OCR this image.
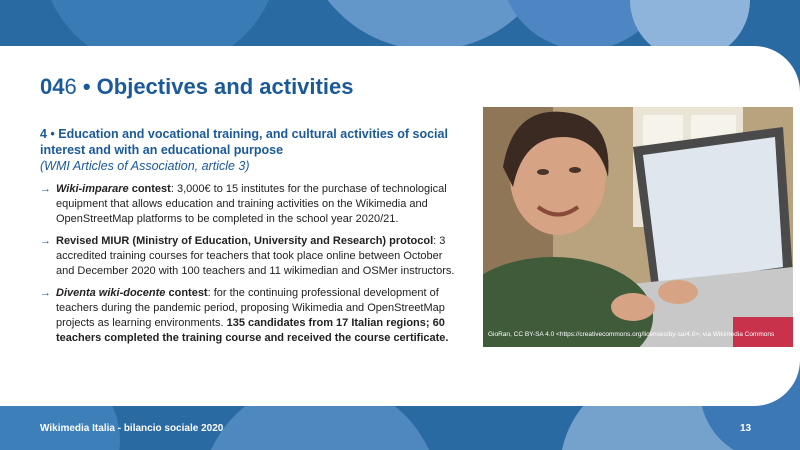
046 • Objectives and activities

4 • Education and vocational training, and cultural activities of social interest and with an educational purpose

(WMI Articles of Association, article 3)

→ Wiki-imparare contest: 3,000€ to 15 institutes for the purchase of technological equipment that allows education and training activities on the Wikimedia and OpenStreetMap platforms to be completed in the school year 2020/21.
→ Revised MIUR (Ministry of Education, University and Research) protocol: 3 accredited training courses for teachers that took place online between October and December 2020 with 100 teachers and 11 wikimedian and OSMer instructors.
→ Diventa wiki-docente contest: for the continuing professional development of teachers during the pandemic period, proposing Wikimedia and OpenStreetMap projects as learning environments. 135 candidates from 17 Italian regions; 60 teachers completed the training course and received the course certificate.	GioRan, CC BY-SA 4.0 <https://creativecommons.org/licenses/by-sa/4.0>, via Wikimedia Commons
Wikimedia Italia - bilancio sociale 2020	13
